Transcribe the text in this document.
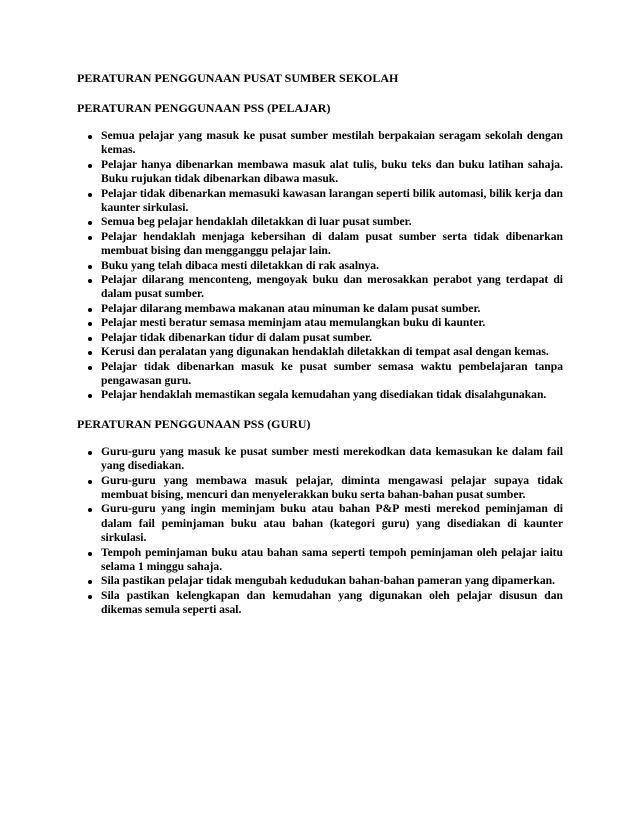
PERATURAN PENGGUNAAN PUSAT SUMBER SEKOLAH

PERATURAN PENGGUNAAN PSS (PELAJAR)

Semua pelajar yang masuk ke pusat sumber mestilah berpakaian seragam sekolah dengan kemas.
Pelajar hanya dibenarkan membawa masuk alat tulis, buku teks dan buku latihan sahaja. Buku rujukan tidak dibenarkan dibawa masuk.
Pelajar tidak dibenarkan memasuki kawasan larangan seperti bilik automasi, bilik kerja dan kaunter sirkulasi.
Semua beg pelajar hendaklah diletakkan di luar pusat sumber.
Pelajar hendaklah menjaga kebersihan di dalam pusat sumber serta tidak dibenarkan membuat bising dan mengganggu pelajar lain.
Buku yang telah dibaca mesti diletakkan di rak asalnya.
Pelajar dilarang menconteng, mengoyak buku dan merosakkan perabot yang terdapat di dalam pusat sumber.
Pelajar dilarang membawa makanan atau minuman ke dalam pusat sumber.
Pelajar mesti beratur semasa meminjam atau memulangkan buku di kaunter.
Pelajar tidak dibenarkan tidur di dalam pusat sumber.
Kerusi dan peralatan yang digunakan hendaklah diletakkan di tempat asal dengan kemas.
Pelajar tidak dibenarkan masuk ke pusat sumber semasa waktu pembelajaran tanpa pengawasan guru.
Pelajar hendaklah memastikan segala kemudahan yang disediakan tidak disalahgunakan.

PERATURAN PENGGUNAAN PSS (GURU)

Guru-guru yang masuk ke pusat sumber mesti merekodkan data kemasukan ke dalam fail yang disediakan.
Guru-guru yang membawa masuk pelajar, diminta mengawasi pelajar supaya tidak membuat bising, mencuri dan menyelerakkan buku serta bahan-bahan pusat sumber.
Guru-guru yang ingin meminjam buku atau bahan P&P mesti merekod peminjaman di dalam fail peminjaman buku atau bahan (kategori guru) yang disediakan di kaunter sirkulasi.
Tempoh peminjaman buku atau bahan sama seperti tempoh peminjaman oleh pelajar iaitu selama 1 minggu sahaja.
Sila pastikan pelajar tidak mengubah kedudukan bahan-bahan pameran yang dipamerkan.
Sila pastikan kelengkapan dan kemudahan yang digunakan oleh pelajar disusun dan dikemas semula seperti asal.
